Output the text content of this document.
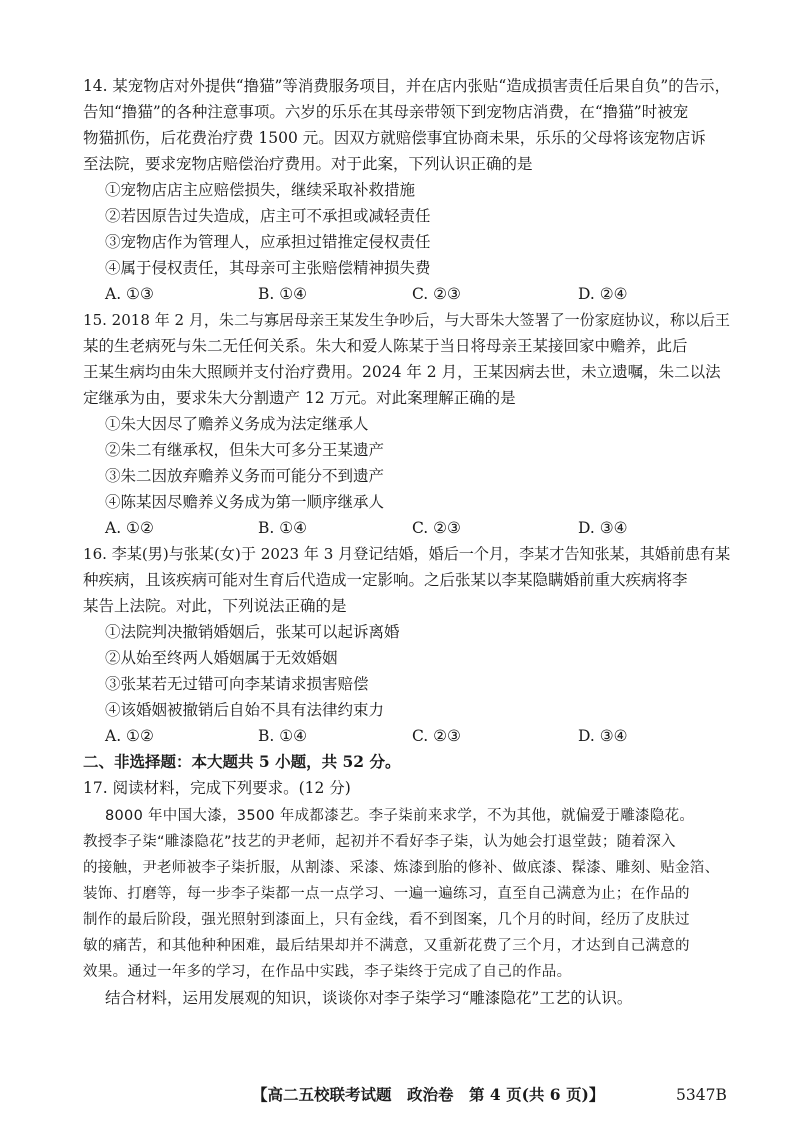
14. 某宠物店对外提供“撸猫”等消费服务项目，并在店内张贴“造成损害责任后果自负”的告示，
告知“撸猫”的各种注意事项。六岁的乐乐在其母亲带领下到宠物店消费，在“撸猫”时被宠
物猫抓伤，后花费治疗费 1500 元。因双方就赔偿事宜协商未果，乐乐的父母将该宠物店诉
至法院，要求宠物店赔偿治疗费用。对于此案，下列认识正确的是
①宠物店店主应赔偿损失，继续采取补救措施
②若因原告过失造成，店主可不承担或减轻责任
③宠物店作为管理人，应承担过错推定侵权责任
④属于侵权责任，其母亲可主张赔偿精神损失费
A. ①③	B. ①④	C. ②③	D. ②④
15. 2018 年 2 月，朱二与寡居母亲王某发生争吵后，与大哥朱大签署了一份家庭协议，称以后王
某的生老病死与朱二无任何关系。朱大和爱人陈某于当日将母亲王某接回家中赡养，此后
王某生病均由朱大照顾并支付治疗费用。2024 年 2 月，王某因病去世，未立遗嘱，朱二以法
定继承为由，要求朱大分割遗产 12 万元。对此案理解正确的是
①朱大因尽了赡养义务成为法定继承人
②朱二有继承权，但朱大可多分王某遗产
③朱二因放弃赡养义务而可能分不到遗产
④陈某因尽赡养义务成为第一顺序继承人
A. ①②	B. ①④	C. ②③	D. ③④
16. 李某(男)与张某(女)于 2023 年 3 月登记结婚，婚后一个月，李某才告知张某，其婚前患有某
种疾病，且该疾病可能对生育后代造成一定影响。之后张某以李某隐瞒婚前重大疾病将李
某告上法院。对此，下列说法正确的是
①法院判决撤销婚姻后，张某可以起诉离婚
②从始至终两人婚姻属于无效婚姻
③张某若无过错可向李某请求损害赔偿
④该婚姻被撤销后自始不具有法律约束力
A. ①②	B. ①④	C. ②③	D. ③④
二、非选择题：本大题共 5 小题，共 52 分。
17. 阅读材料，完成下列要求。(12 分)
8000 年中国大漆，3500 年成都漆艺。李子柒前来求学，不为其他，就偏爱于雕漆隐花。
教授李子柒“雕漆隐花”技艺的尹老师，起初并不看好李子柒，认为她会打退堂鼓；随着深入
的接触，尹老师被李子柒折服，从割漆、采漆、炼漆到胎的修补、做底漆、髹漆、雕刻、贴金箔、
装饰、打磨等，每一步李子柒都一点一点学习、一遍一遍练习，直至自己满意为止；在作品的
制作的最后阶段，强光照射到漆面上，只有金线，看不到图案，几个月的时间，经历了皮肤过
敏的痛苦，和其他种种困难，最后结果却并不满意，又重新花费了三个月，才达到自己满意的
效果。通过一年多的学习，在作品中实践，李子柒终于完成了自己的作品。
结合材料，运用发展观的知识，谈谈你对李子柒学习“雕漆隐花”工艺的认识。
【高二五校联考试题　政治卷　第 4 页(共 6 页)】	5347B
